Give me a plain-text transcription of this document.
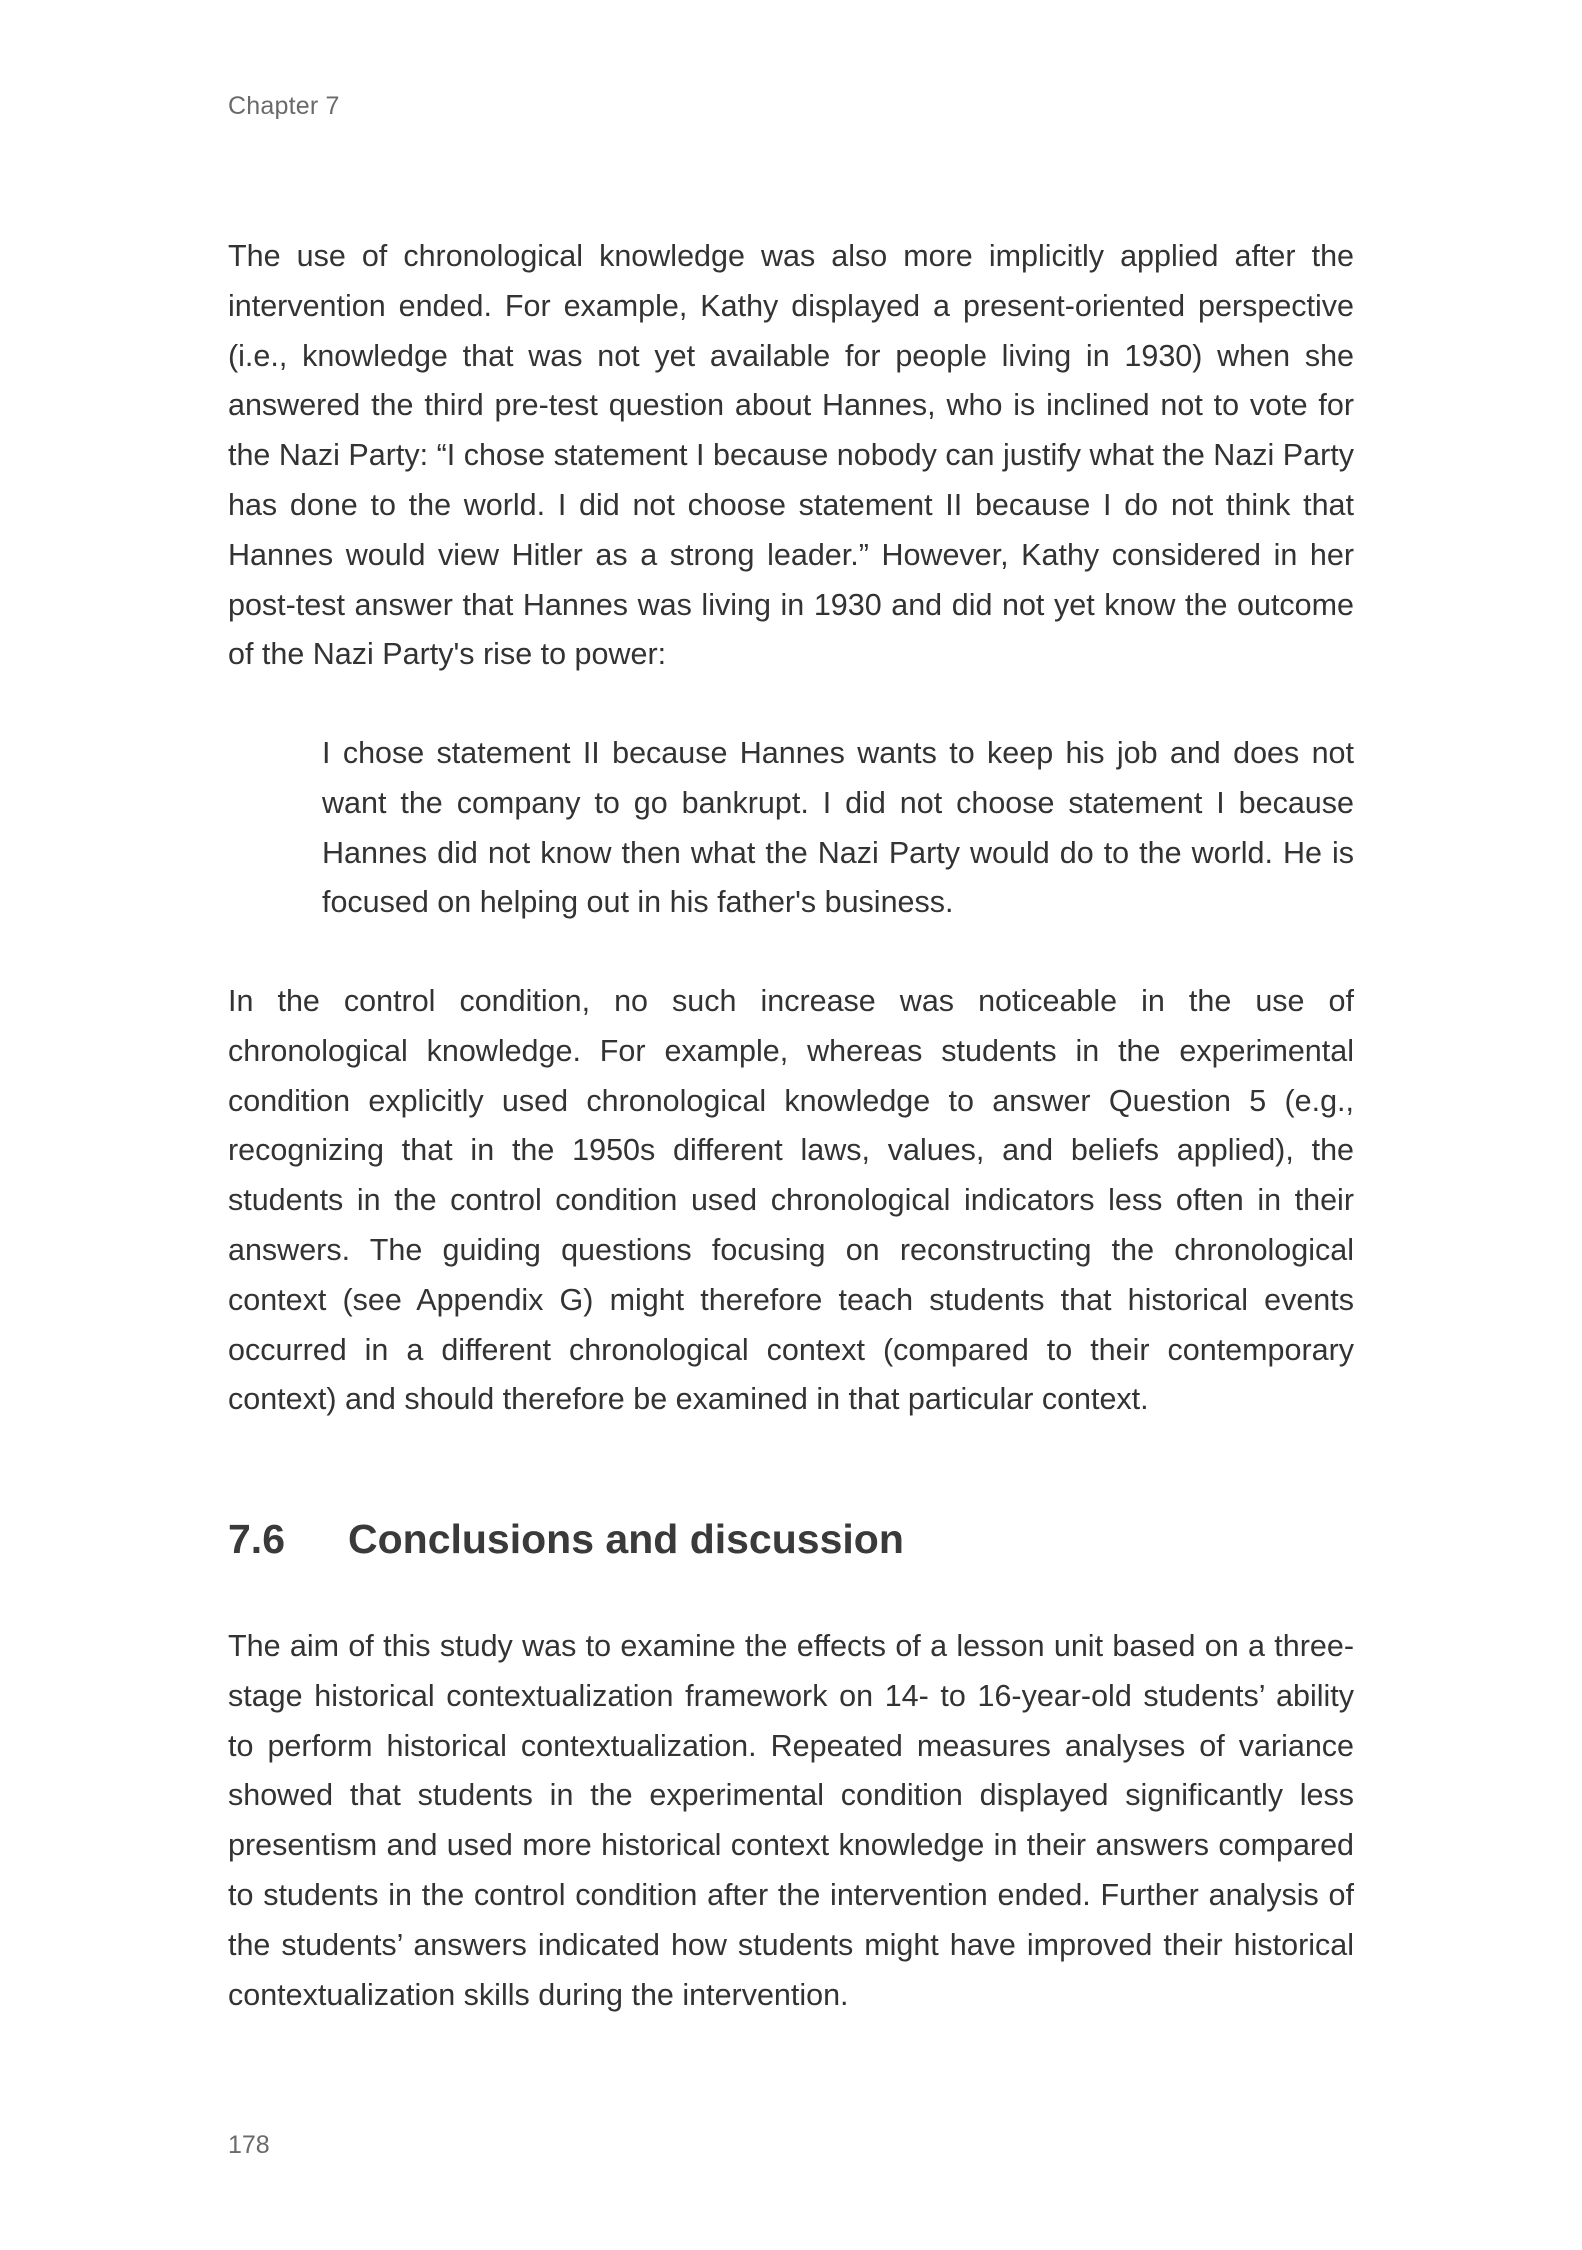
Chapter 7

The use of chronological knowledge was also more implicitly applied after the intervention ended. For example, Kathy displayed a present-oriented perspective (i.e., knowledge that was not yet available for people living in 1930) when she answered the third pre-test question about Hannes, who is inclined not to vote for the Nazi Party: “I chose statement I because nobody can justify what the Nazi Party has done to the world. I did not choose statement II because I do not think that Hannes would view Hitler as a strong leader.” However, Kathy considered in her post-test answer that Hannes was living in 1930 and did not yet know the outcome of the Nazi Party's rise to power:

I chose statement II because Hannes wants to keep his job and does not want the company to go bankrupt. I did not choose statement I because Hannes did not know then what the Nazi Party would do to the world. He is focused on helping out in his father's business.

In the control condition, no such increase was noticeable in the use of chronological knowledge. For example, whereas students in the experimental condition explicitly used chronological knowledge to answer Question 5 (e.g., recognizing that in the 1950s different laws, values, and beliefs applied), the students in the control condition used chronological indicators less often in their answers. The guiding questions focusing on reconstructing the chronological context (see Appendix G) might therefore teach students that historical events occurred in a different chronological context (compared to their contemporary context) and should therefore be examined in that particular context.

7.6 Conclusions and discussion

The aim of this study was to examine the effects of a lesson unit based on a three-stage historical contextualization framework on 14- to 16-year-old students’ ability to perform historical contextualization. Repeated measures analyses of variance showed that students in the experimental condition displayed significantly less presentism and used more historical context knowledge in their answers compared to students in the control condition after the intervention ended. Further analysis of the students’ answers indicated how students might have improved their historical contextualization skills during the intervention.

178
